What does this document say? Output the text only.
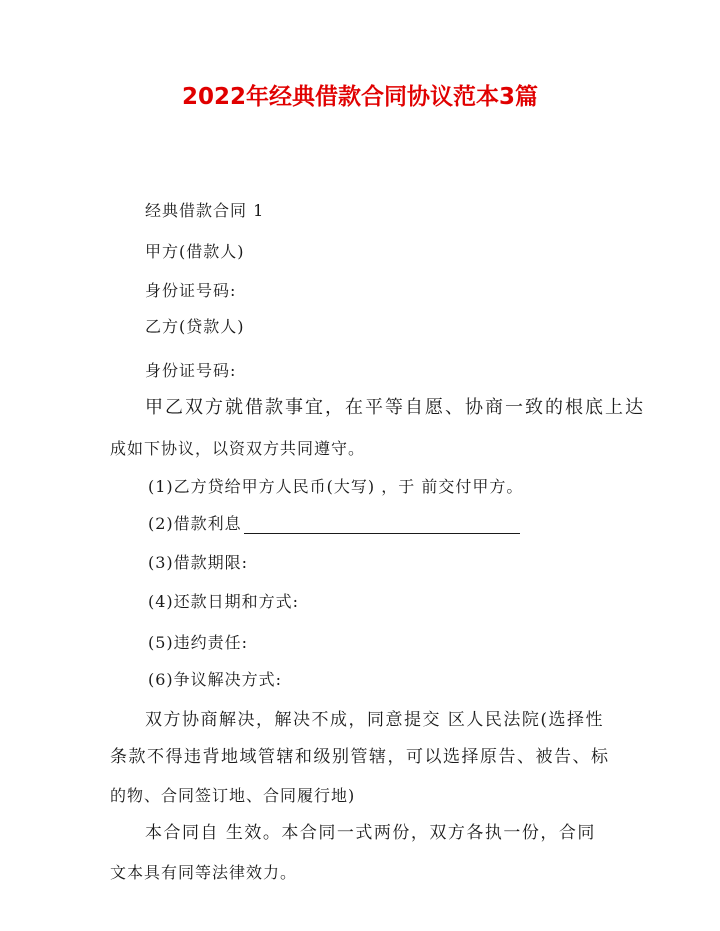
2022年经典借款合同协议范本3篇
经典借款合同 1
甲方(借款人)
身份证号码:
乙方(贷款人)
身份证号码:
甲乙双方就借款事宜，在平等自愿、协商一致的根底上达
成如下协议，以资双方共同遵守。
(1)乙方贷给甲方人民币(大写) ，于 前交付甲方。
(2)借款利息
(3)借款期限:
(4)还款日期和方式:
(5)违约责任:
(6)争议解决方式:
双方协商解决，解决不成，同意提交 区人民法院(选择性
条款不得违背地域管辖和级别管辖，可以选择原告、被告、标
的物、合同签订地、合同履行地)
本合同自 生效。本合同一式两份，双方各执一份，合同
文本具有同等法律效力。
